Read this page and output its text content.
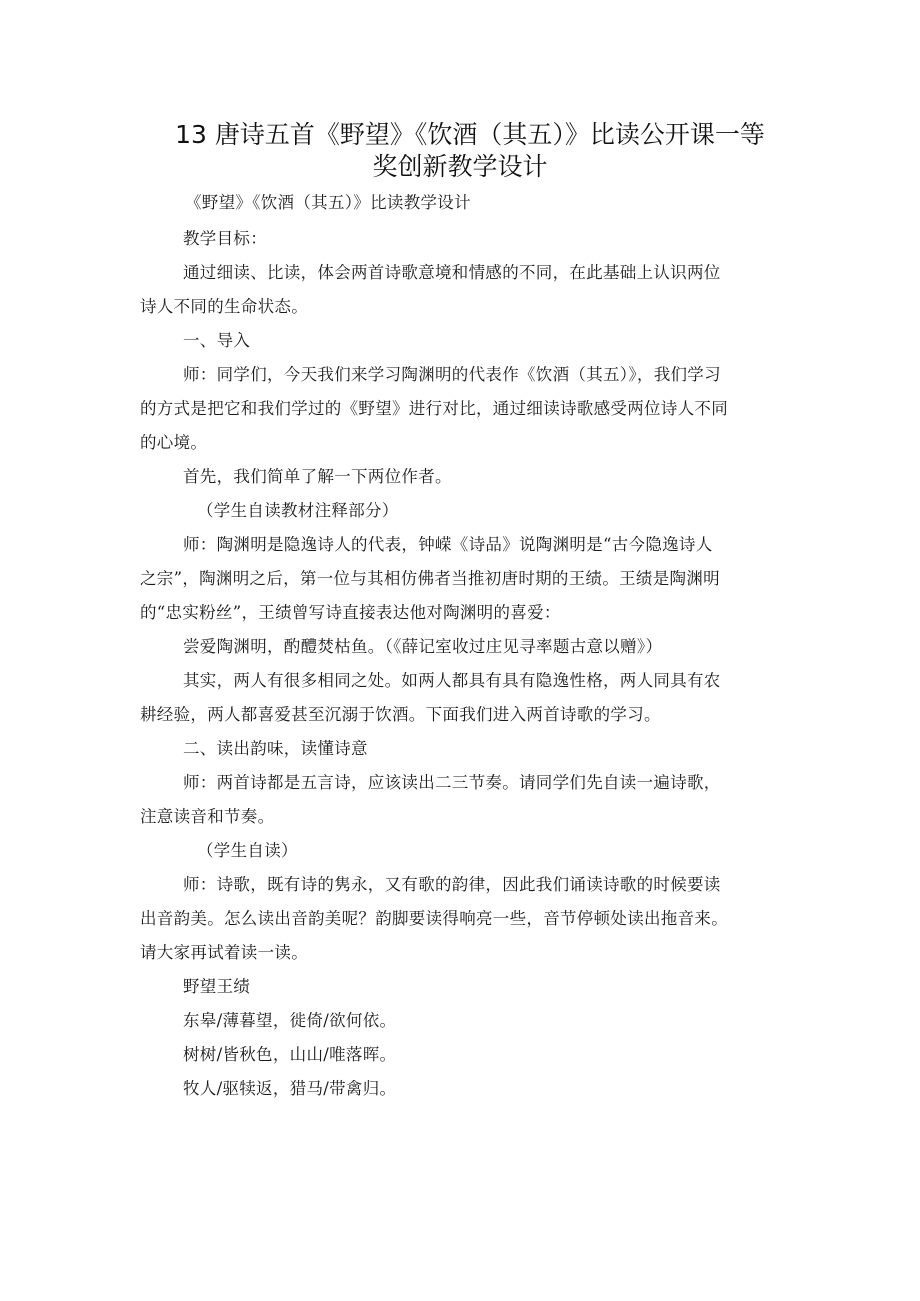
13 唐诗五首《野望》《饮酒（其五）》比读公开课一等
奖创新教学设计
《野望》《饮酒（其五）》比读教学设计
教学目标：
通过细读、比读，体会两首诗歌意境和情感的不同，在此基础上认识两位
诗人不同的生命状态。
一、导入
师：同学们，今天我们来学习陶渊明的代表作《饮酒（其五）》，我们学习
的方式是把它和我们学过的《野望》进行对比，通过细读诗歌感受两位诗人不同
的心境。
首先，我们简单了解一下两位作者。
（学生自读教材注释部分）
师：陶渊明是隐逸诗人的代表，钟嵘《诗品》说陶渊明是“古今隐逸诗人
之宗”，陶渊明之后，第一位与其相仿佛者当推初唐时期的王绩。王绩是陶渊明
的“忠实粉丝”，王绩曾写诗直接表达他对陶渊明的喜爱：
尝爱陶渊明，酌醴焚枯鱼。（《薛记室收过庄见寻率题古意以赠》）
其实，两人有很多相同之处。如两人都具有具有隐逸性格，两人同具有农
耕经验，两人都喜爱甚至沉溺于饮酒。下面我们进入两首诗歌的学习。
二、读出韵味，读懂诗意
师：两首诗都是五言诗，应该读出二三节奏。请同学们先自读一遍诗歌，
注意读音和节奏。
（学生自读）
师：诗歌，既有诗的隽永，又有歌的韵律，因此我们诵读诗歌的时候要读
出音韵美。怎么读出音韵美呢？韵脚要读得响亮一些，音节停顿处读出拖音来。
请大家再试着读一读。
野望王绩
东皋/薄暮望，徙倚/欲何依。
树树/皆秋色，山山/唯落晖。
牧人/驱犊返，猎马/带禽归。
